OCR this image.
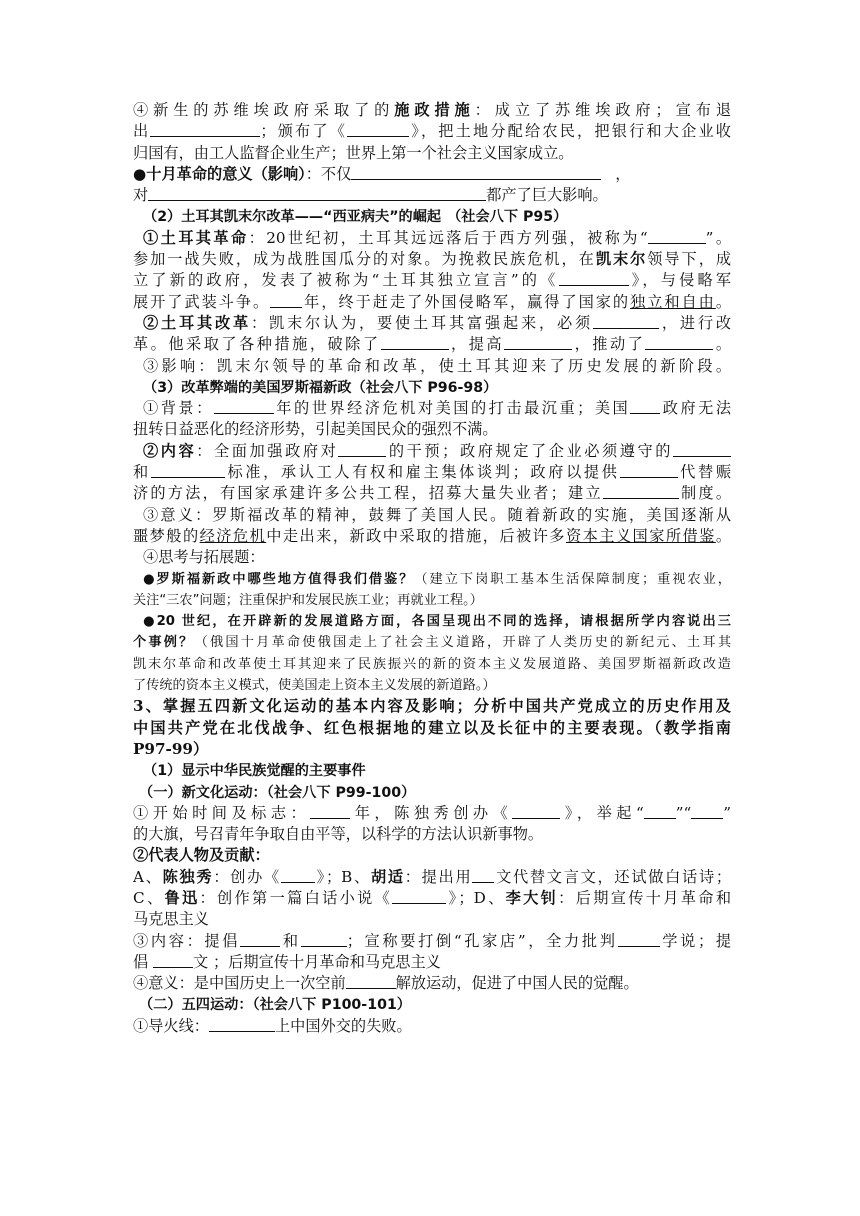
④新生的苏维埃政府采取了的施政措施：成立了苏维埃政府；宣布退
出	；颁布了《	》，把土地分配给农民，把银行和大企业收
归国有，由工人监督企业生产；世界上第一个社会主义国家成立。
●十月革命的意义（影响）：不仅	，
对	都产了巨大影响。
（2）土耳其凯末尔改革——“西亚病夫”的崛起 （社会八下 P95）
①土耳其革命：20世纪初，土耳其远远落后于西方列强，被称为“	”。
参加一战失败，成为战胜国瓜分的对象。为挽救民族危机，在凯末尔领导下，成
立了新的政府，发表了被称为“土耳其独立宣言”的《	》，与侵略军
展开了武装斗争。 年，终于赶走了外国侵略军，赢得了国家的独立和自由。
②土耳其改革：凯末尔认为，要使土耳其富强起来，必须	，进行改
革。他采取了各种措施，破除了	，提高	，推动了	。
③影响：凯末尔领导的革命和改革，使土耳其迎来了历史发展的新阶段。
（3）改革弊端的美国罗斯福新政（社会八下 P96-98）
①背景：	年的世界经济危机对美国的打击最沉重；美国 政府无法
扭转日益恶化的经济形势，引起美国民众的强烈不满。
②内容：全面加强政府对	的干预；政府规定了企业必须遵守的
和	标准，承认工人有权和雇主集体谈判；政府以提供	代替赈
济的方法，有国家承建许多公共工程，招募大量失业者；建立	制度。
③意义：罗斯福改革的精神，鼓舞了美国人民。随着新政的实施，美国逐渐从
噩梦般的经济危机中走出来，新政中采取的措施，后被许多资本主义国家所借鉴。
④思考与拓展题：
●罗斯福新政中哪些地方值得我们借鉴？（建立下岗职工基本生活保障制度；重视农业，
关注“三农”问题；注重保护和发展民族工业；再就业工程。）
●20 世纪，在开辟新的发展道路方面，各国呈现出不同的选择，请根据所学内容说出三
个事例？（俄国十月革命使俄国走上了社会主义道路，开辟了人类历史的新纪元、土耳其
凯末尔革命和改革使土耳其迎来了民族振兴的新的资本主义发展道路、美国罗斯福新政改造
了传统的资本主义模式，使美国走上资本主义发展的新道路。）
3、掌握五四新文化运动的基本内容及影响；分析中国共产党成立的历史作用及
中国共产党在北伐战争、红色根据地的建立以及长征中的主要表现。（教学指南
P97-99）
（1）显示中华民族觉醒的主要事件
（一）新文化运动：（社会八下 P99-100）
①开始时间及标志：	年，陈独秀创办《	》，举起“ ”“ ”
的大旗，号召青年争取自由平等，以科学的方法认识新事物。
②代表人物及贡献：
A、陈独秀：创办《 》；B、胡适：提出用 文代替文言文，还试做白话诗；
C、鲁迅：创作第一篇白话小说《	》；D、李大钊：后期宣传十月革命和
马克思主义
③内容：提倡	和	；宣称要打倒“孔家店”，全力批判	学说；提
倡	文 ；后期宣传十月革命和马克思主义
④意义：是中国历史上一次空前	解放运动，促进了中国人民的觉醒。
（二）五四运动：（社会八下 P100-101）
①导火线：	上中国外交的失败。
